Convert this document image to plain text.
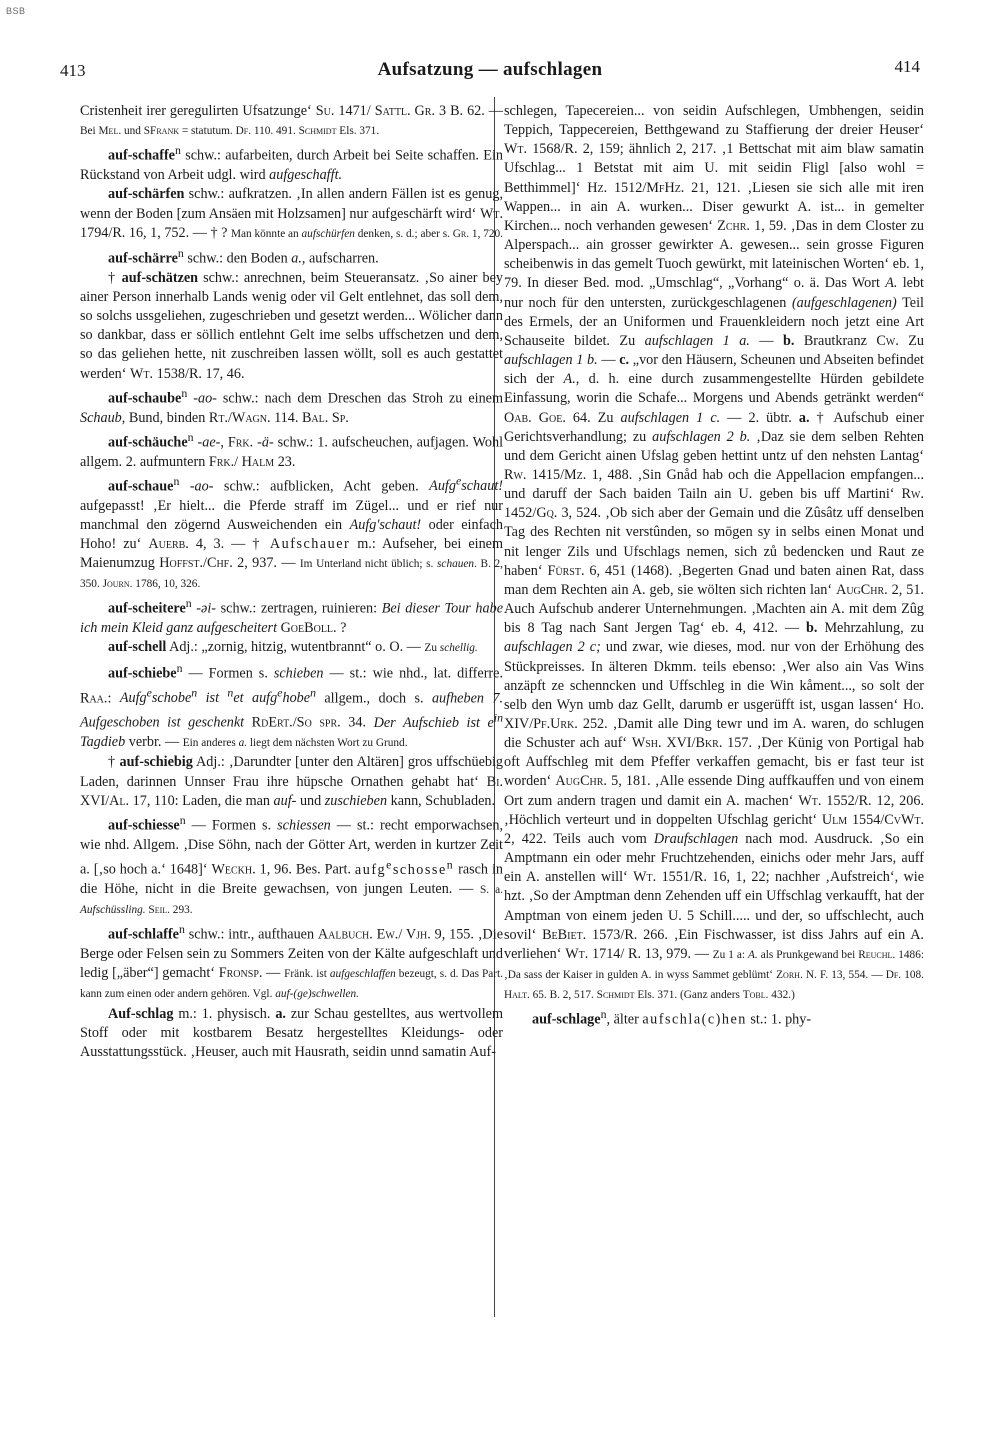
BSB
413	Aufsatzung — aufschlagen	414

Cristenheit irer geregulirten Ufsatzunge‘ Su. 1471/ Sattl. Gr. 3 B. 62. — Bei Mel. und SFrank = statutum. Df. 110. 491. Schmidt Els. 371.

auf-schaffe$^n$ schw.: aufarbeiten, durch Arbeit bei Seite schaffen. Ein Rückstand von Arbeit udgl. wird aufgeschafft.

auf-schärfen schw.: aufkratzen. ‚In allen andern Fällen ist es genug, wenn der Boden [zum Ansäen mit Holzsamen] nur aufgeschärft wird‘ Wt. 1794/R. 16, 1, 752. — † ? Man könnte an aufschürfen denken, s. d.; aber s. Gr. 1, 720.

auf-schärre$^n$ schw.: den Boden a., aufscharren.

† auf-schätzen schw.: anrechnen, beim Steueransatz. ‚So ainer bey ainer Person innerhalb Lands wenig oder vil Gelt entlehnet, das soll dem, so solchs ussgeliehen, zugeschrieben und gesetzt werden... Wölicher dann so dankbar, dass er söllich entlehnt Gelt ime selbs uffschetzen und dem, so das geliehen hette, nit zuschreiben lassen wöllt, soll es auch gestattet werden‘ Wt. 1538/R. 17, 46.

auf-schaube$^n$ -ao- schw.: nach dem Dreschen das Stroh zu einem Schaub, Bund, binden Rt./Wagn. 114. Bal. Sp.

auf-schäuche$^n$ -ae-, Frk. -ä- schw.: 1. aufscheuchen, aufjagen. Wohl allgem. 2. aufmuntern Frk./ Halm 23.

auf-schaue$^n$ -ao- schw.: aufblicken, Acht geben. Aufg$^e$schaut! aufgepasst! ‚Er hielt... die Pferde straff im Zügel... und er rief nur manchmal den zögernd Ausweichenden ein Aufg'schaut! oder einfach Hoho! zu‘ Auerb. 4, 3. — † Aufschauer m.: Aufseher, bei einem Maienumzug Hoffst./Chf. 2, 937. — Im Unterland nicht üblich; s. schauen. B. 2, 350. Journ. 1786, 10, 326.

auf-scheitere$^n$ -əi- schw.: zertragen, ruinieren: Bei dieser Tour habe ich mein Kleid ganz aufgescheitert GoeBoll. ?

auf-schell Adj.: „zornig, hitzig, wutentbrannt“ o. O. — Zu schellig.

auf-schiebe$^n$ — Formen s. schieben — st.: wie nhd., lat. differre. Raa.: Aufg$^e$schobe$^n$ ist $^n$et aufg$^e$hobe$^n$ allgem., doch s. aufheben 7. Aufgeschoben ist geschenkt RdErt./So spr. 34. Der Aufschieb ist $e^{in}$ Tagdieb verbr. — Ein anderes a. liegt dem nächsten Wort zu Grund.

† auf-schiebig Adj.: ‚Darundter [unter den Altären] gros uffschüebig Laden, darinnen Unnser Frau ihre hüpsche Ornathen gehabt hat‘ Bi. XVI/Al. 17, 110: Laden, die man auf- und zuschieben kann, Schubladen.

auf-schiesse$^n$ — Formen s. schiessen — st.: recht emporwachsen, wie nhd. Allgem. ‚Dise Söhn, nach der Götter Art, werden in kurtzer Zeit a. [‚so hoch a.‘ 1648]‘ Weckh. 1, 96. Bes. Part. aufg$^e$schosse$^n$ rasch in die Höhe, nicht in die Breite gewachsen, von jungen Leuten. — S. a. Aufschüssling. Seil. 293.

auf-schlaffe$^n$ schw.: intr., aufthauen Aalbuch. Ew./ Vjh. 9, 155. ‚Die Berge oder Felsen sein zu Sommers Zeiten von der Kälte aufgeschlaft und ledig [„äber“] gemacht‘ Fronsp. — Fränk. ist aufgeschlaffen bezeugt, s. d. Das Part. kann zum einen oder andern gehören. Vgl. auf-(ge)schwellen.

Auf-schlag m.: 1. physisch. a. zur Schau gestelltes, aus wertvollem Stoff oder mit kostbarem Besatz hergestelltes Kleidungs- oder Ausstattungsstück. ‚Heuser, auch mit Hausrath, seidin unnd samatin Auf-

schlegen, Tapecereien... von seidin Aufschlegen, Umbhengen, seidin Teppich, Tappecereien, Betthgewand zu Staffierung der dreier Heuser‘ Wt. 1568/R. 2, 159; ähnlich 2, 217. ‚1 Bettschat mit aim blaw samatin Ufschlag... 1 Betstat mit aim U. mit seidin Fligl [also wohl = Betthimmel]‘ Hz. 1512/MfHz. 21, 121. ‚Liesen sie sich alle mit iren Wappen... in ain A. wurken... Diser gewurkt A. ist... in gemelter Kirchen... noch verhanden gewesen‘ Zchr. 1, 59. ‚Das in dem Closter zu Alperspach... ain grosser gewirkter A. gewesen... sein grosse Figuren scheibenwis in das gemelt Tuoch gewürkt, mit lateinischen Worten‘ eb. 1, 79. In dieser Bed. mod. „Umschlag“, „Vorhang“ o. ä. Das Wort A. lebt nur noch für den untersten, zurückgeschlagenen (aufgeschlagenen) Teil des Ermels, der an Uniformen und Frauenkleidern noch jetzt eine Art Schauseite bildet. Zu aufschlagen 1 a. — b. Brautkranz Cw. Zu aufschlagen 1 b. — c. „vor den Häusern, Scheunen und Abseiten befindet sich der A., d. h. eine durch zusammengestellte Hürden gebildete Einfassung, worin die Schafe... Morgens und Abends getränkt werden“ Oab. Goe. 64. Zu aufschlagen 1 c. — 2. übtr. a. † Aufschub einer Gerichtsverhandlung; zu aufschlagen 2 b. ‚Daz sie dem selben Rehten und dem Gericht ainen Ufslag geben hettint untz uf den nehsten Lantag‘ Rw. 1415/Mz. 1, 488. ‚Sin Gnåd hab och die Appellacion empfangen... und daruff der Sach baiden Tailn ain U. geben bis uff Martini‘ Rw. 1452/Gq. 3, 524. ‚Ob sich aber der Gemain und die Zûsâtz uff denselben Tag des Rechten nit verstûnden, so mōgen sy in selbs einen Monat und nit lenger Zils und Ufschlags nemen, sich zů bedencken und Raut ze haben‘ Fürst. 6, 451 (1468). ‚Begerten Gnad und baten ainen Rat, dass man dem Rechten ain A. geb, sie wölten sich richten lan‘ AugChr. 2, 51. Auch Aufschub anderer Unternehmungen. ‚Machten ain A. mit dem Zûg bis 8 Tag nach Sant Jergen Tag‘ eb. 4, 412. — b. Mehrzahlung, zu aufschlagen 2 c; und zwar, wie dieses, mod. nur von der Erhöhung des Stückpreisses. In älteren Dkmm. teils ebenso: ‚Wer also ain Vas Wins anzäpft ze schenncken und Uffschleg in die Win kåment..., so solt der selb den Wyn umb daz Gellt, darumb er usgerüfft ist, usgan lassen‘ Ho. XIV/Pf.Urk. 252. ‚Damit alle Ding tewr und im A. waren, do schlugen die Schuster ach auf‘ Wsh. XVI/Bkr. 157. ‚Der Künig von Portigal hab oft Auffschleg mit dem Pfeffer verkaffen gemacht, bis er fast teur ist worden‘ AugChr. 5, 181. ‚Alle essende Ding auffkauffen und von einem Ort zum andern tragen und damit ein A. machen‘ Wt. 1552/R. 12, 206. ‚Höchlich verteurt und in doppelten Ufschlag gericht‘ Ulm 1554/CvWt. 2, 422. Teils auch vom Draufschlagen nach mod. Ausdruck. ‚So ein Amptmann ein oder mehr Fruchtzehenden, einichs oder mehr Jars, auff ein A. anstellen will‘ Wt. 1551/R. 16, 1, 22; nachher ‚Aufstreich‘, wie hzt. ‚So der Amptman denn Zehenden uff ein Uffschlag verkaufft, hat der Amptman von einem jeden U. 5 Schill..... und der, so uffschlecht, auch sovil‘ BeBiet. 1573/R. 266. ‚Ein Fischwasser, ist diss Jahrs auf ein A. verliehen‘ Wt. 1714/ R. 13, 979. — Zu 1 a: A. als Prunkgewand bei Reuchl. 1486: ‚Da sass der Kaiser in gulden A. in wyss Sammet geblümt‘ Zorh. N. F. 13, 554. — Df. 108. Halt. 65. B. 2, 517. Schmidt Els. 371. (Ganz anders Tobl. 432.)

auf-schlage$^n$, älter aufschla(c)hen st.: 1. phy-
